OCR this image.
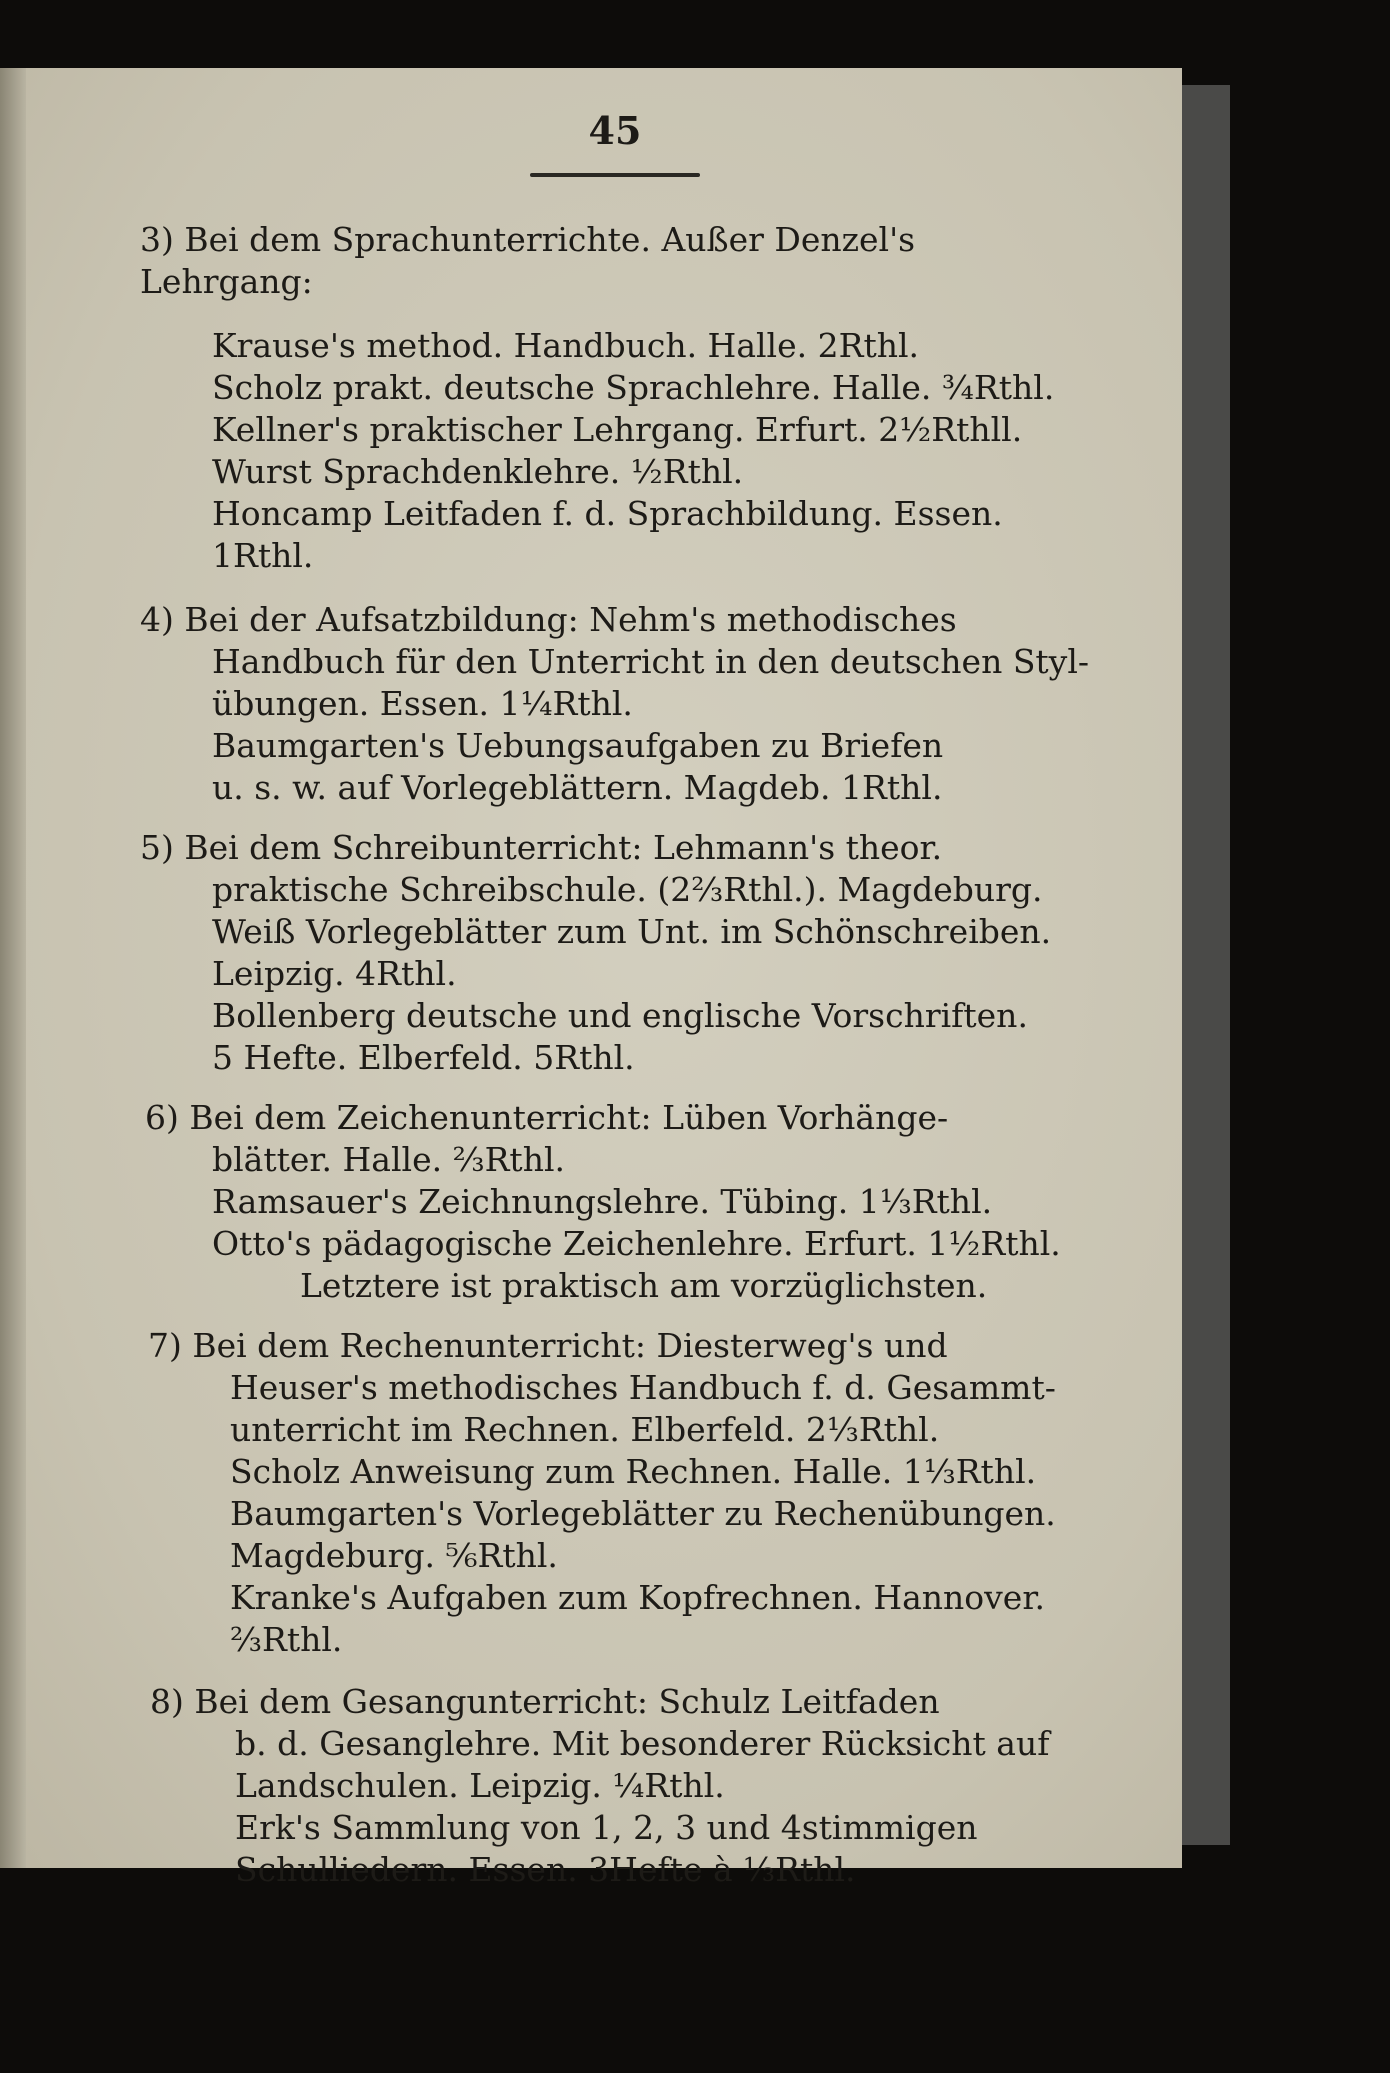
45
3) Bei dem Sprachunterrichte. Außer Denzel's
Lehrgang:
Krause's method. Handbuch. Halle. 2Rthl.
Scholz prakt. deutsche Sprachlehre. Halle. ¾Rthl.
Kellner's praktischer Lehrgang. Erfurt. 2½Rthll.
Wurst Sprachdenklehre. ½Rthl.
Honcamp Leitfaden f. d. Sprachbildung. Essen.
1Rthl.
4) Bei der Aufsatzbildung: Nehm's methodisches
Handbuch für den Unterricht in den deutschen Styl-
übungen. Essen. 1¼Rthl.
Baumgarten's Uebungsaufgaben zu Briefen
u. s. w. auf Vorlegeblättern. Magdeb. 1Rthl.
5) Bei dem Schreibunterricht: Lehmann's theor.
praktische Schreibschule. (2⅔Rthl.). Magdeburg.
Weiß Vorlegeblätter zum Unt. im Schönschreiben.
Leipzig. 4Rthl.
Bollenberg deutsche und englische Vorschriften.
5 Hefte. Elberfeld. 5Rthl.
6) Bei dem Zeichenunterricht: Lüben Vorhänge-
blätter. Halle. ⅔Rthl.
Ramsauer's Zeichnungslehre. Tübing. 1⅓Rthl.
Otto's pädagogische Zeichenlehre. Erfurt. 1½Rthl.
Letztere ist praktisch am vorzüglichsten.
7) Bei dem Rechenunterricht: Diesterweg's und
Heuser's methodisches Handbuch f. d. Gesammt-
unterricht im Rechnen. Elberfeld. 2⅓Rthl.
Scholz Anweisung zum Rechnen. Halle. 1⅓Rthl.
Baumgarten's Vorlegeblätter zu Rechenübungen.
Magdeburg. ⅚Rthl.
Kranke's Aufgaben zum Kopfrechnen. Hannover.
⅔Rthl.
8) Bei dem Gesangunterricht: Schulz Leitfaden
b. d. Gesanglehre. Mit besonderer Rücksicht auf
Landschulen. Leipzig. ¼Rthl.
Erk's Sammlung von 1, 2, 3 und 4stimmigen
Schulliedern. Essen. 3Hefte à ⅓Rthl.
